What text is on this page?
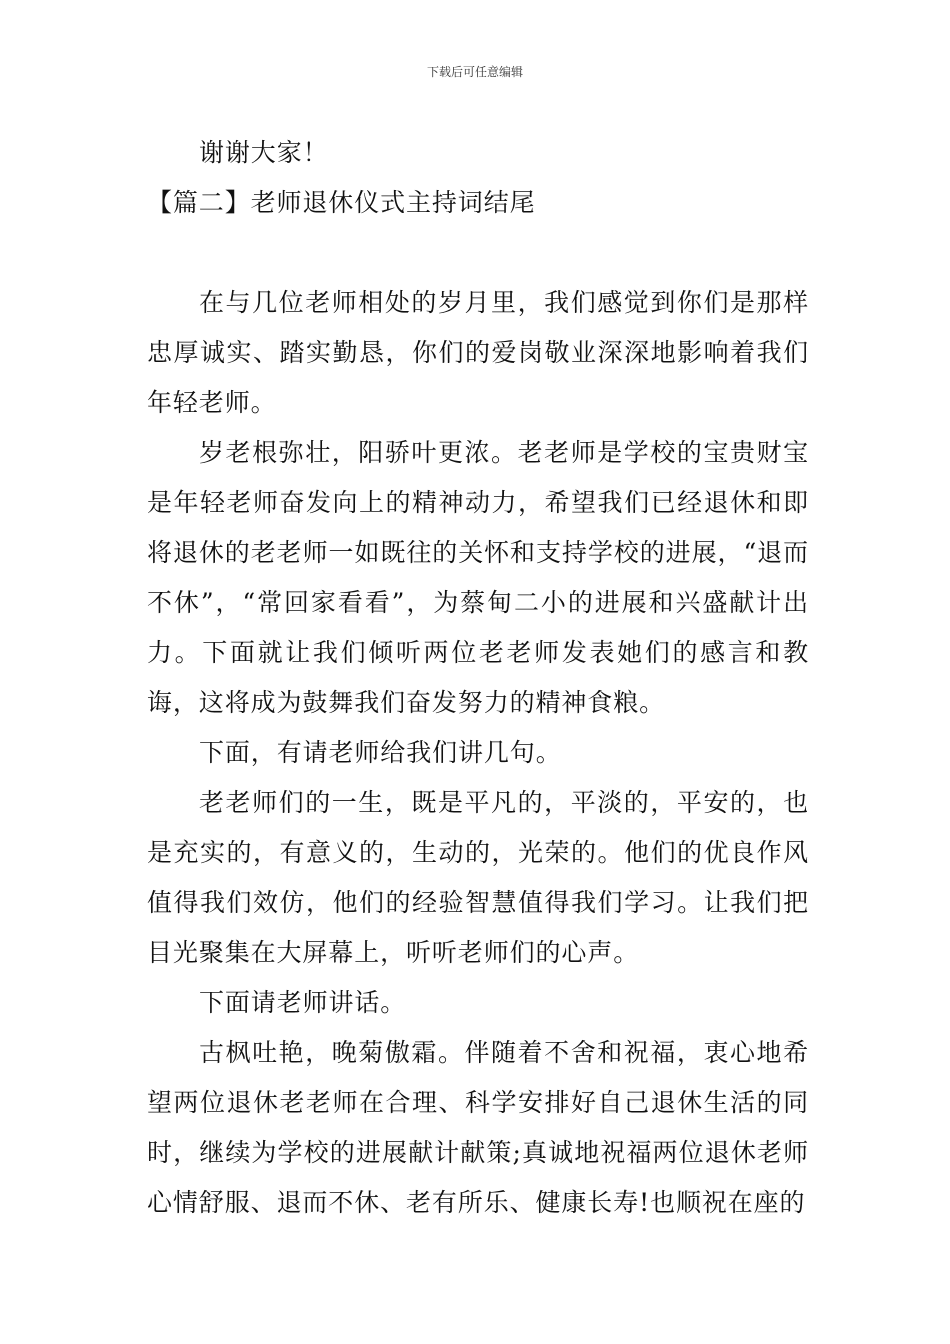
下载后可任意编辑

谢谢大家！

【篇二】老师退休仪式主持词结尾

在与几位老师相处的岁月里，我们感觉到你们是那样忠厚诚实、踏实勤恳，你们的爱岗敬业深深地影响着我们年轻老师。

岁老根弥壮，阳骄叶更浓。老老师是学校的宝贵财宝是年轻老师奋发向上的精神动力，希望我们已经退休和即将退休的老老师一如既往的关怀和支持学校的进展，“退而不休”，“常回家看看”，为蔡甸二小的进展和兴盛献计出力。下面就让我们倾听两位老老师发表她们的感言和教诲，这将成为鼓舞我们奋发努力的精神食粮。

下面，有请老师给我们讲几句。

老老师们的一生，既是平凡的，平淡的，平安的，也是充实的，有意义的，生动的，光荣的。他们的优良作风值得我们效仿，他们的经验智慧值得我们学习。让我们把目光聚集在大屏幕上，听听老师们的心声。

下面请老师讲话。

古枫吐艳，晚菊傲霜。伴随着不舍和祝福，衷心地希望两位退休老老师在合理、科学安排好自己退休生活的同时，继续为学校的进展献计献策;真诚地祝福两位退休老师心情舒服、退而不休、老有所乐、健康长寿!也顺祝在座的
